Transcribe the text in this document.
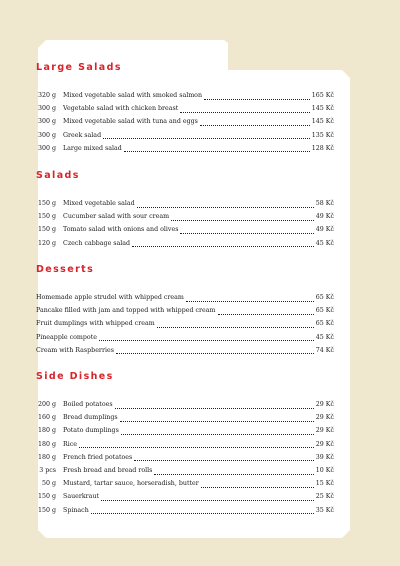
Large Salads
320 g Mixed vegetable salad with smoked salmon	165 Kč
300 g Vegetable salad with chicken breast	145 Kč
300 g Mixed vegetable salad with tuna and eggs	145 Kč
300 g Greek salad	135 Kč
300 g Large mixed salad	128 Kč
Salads
150 g Mixed vegetable salad	58 Kč
150 g Cucumber salad with sour cream	49 Kč
150 g Tomato salad with onions and olives	49 Kč
120 g Czech cabbage salad	45 Kč
Desserts
Homemade apple strudel with whipped cream	65 Kč
Pancake filled with jam and topped with whipped cream	65 Kč
Fruit dumplings with whipped cream	65 Kč
Pineapple compote	45 Kč
Cream with Raspberries	74 Kč
Side Dishes
200 g Boiled potatoes	29 Kč
160 g Bread dumplings	29 Kč
180 g Potato dumplings	29 Kč
180 g Rice	29 Kč
180 g French fried potatoes	39 Kč
3 pcs Fresh bread and bread rolls	10 Kč
50 g Mustard, tartar sauce, horseradish, butter	15 Kč
150 g Sauerkraut	25 Kč
150 g Spinach	35 Kč
